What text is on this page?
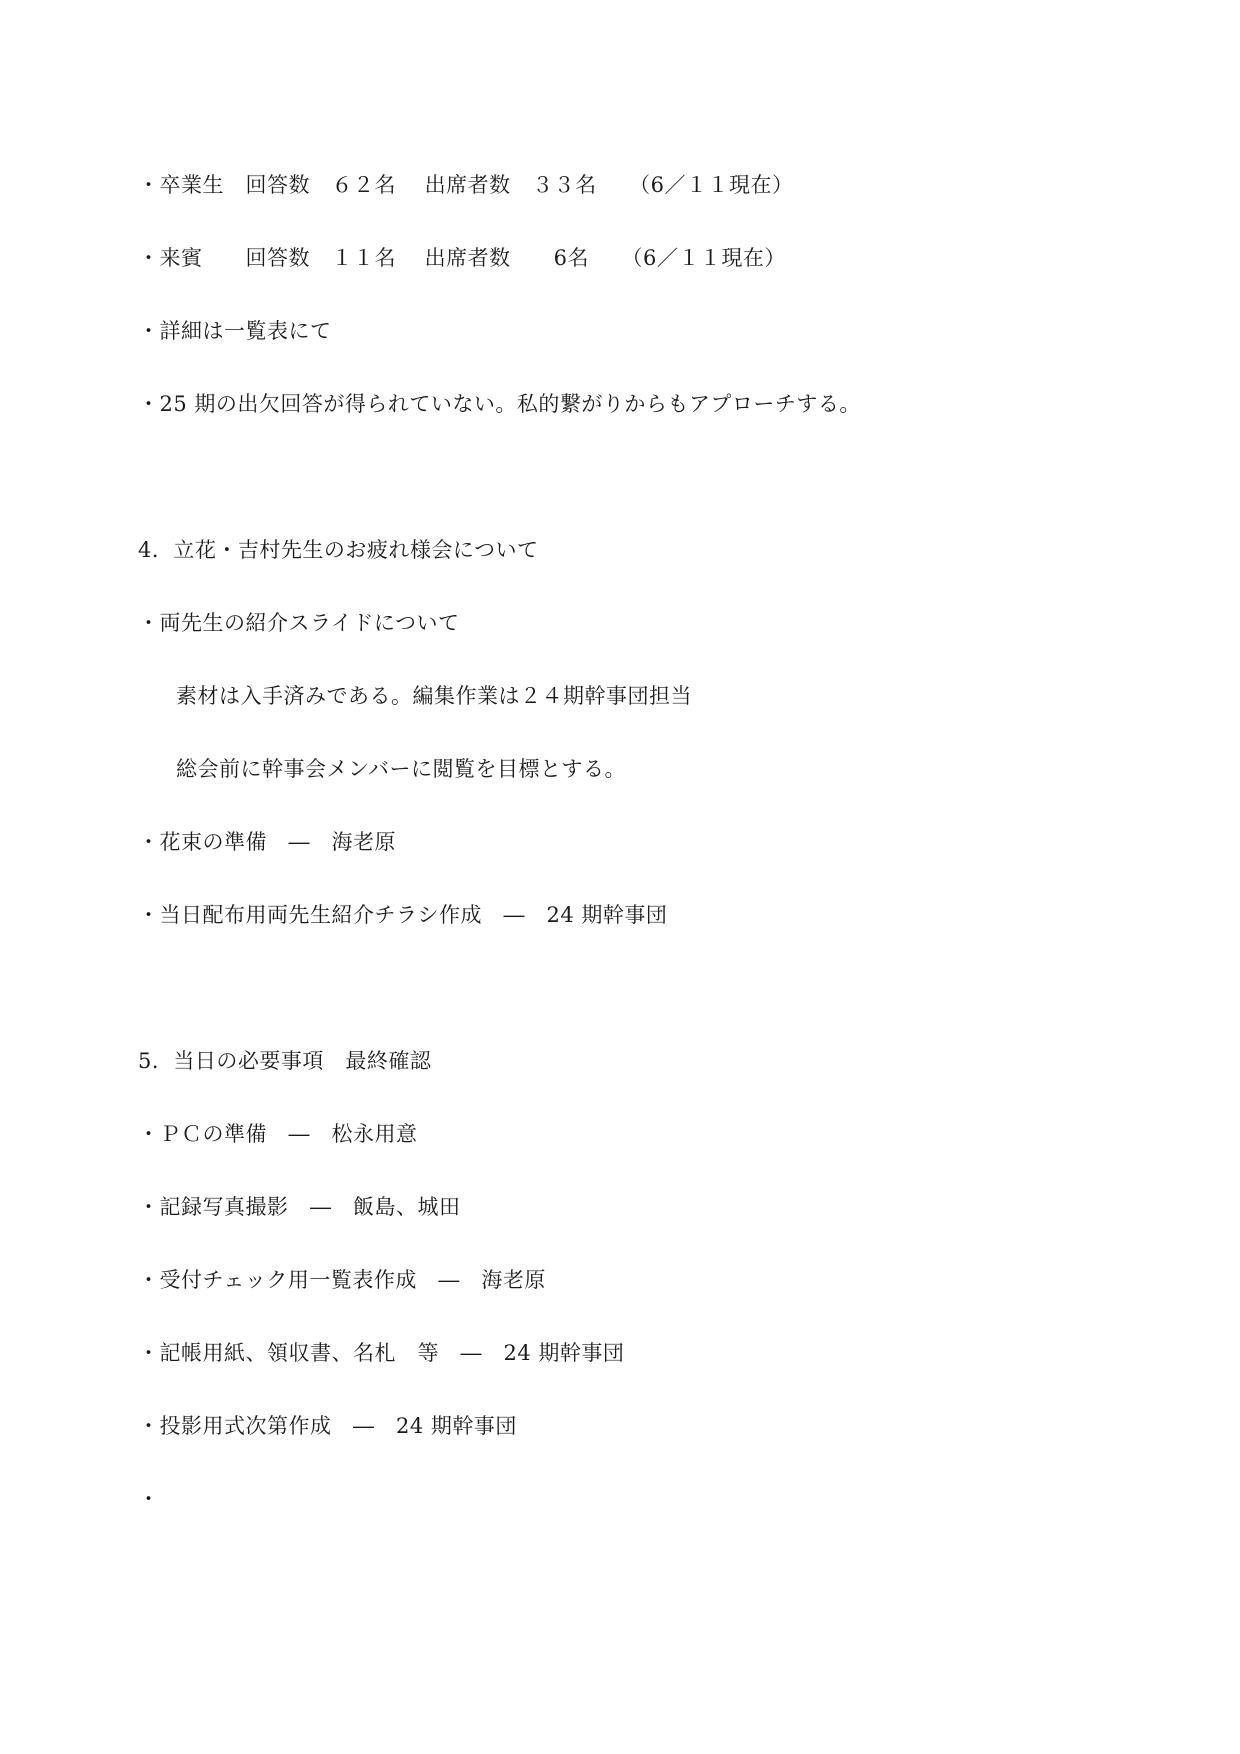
・卒業生　回答数　６２名　 出席者数　３３名　　（6／１１現在）
・来賓　　回答数　１１名　 出席者数　　6名　　（6／１１現在）
・詳細は一覧表にて
・25 期の出欠回答が得られていない。私的繋がりからもアプローチする。
4．立花・吉村先生のお疲れ様会について
・両先生の紹介スライドについて
素材は入手済みである。編集作業は２４期幹事団担当
総会前に幹事会メンバーに閲覧を目標とする。
・花束の準備　―　海老原
・当日配布用両先生紹介チラシ作成　―　24 期幹事団
5．当日の必要事項　最終確認
・ＰＣの準備　―　松永用意
・記録写真撮影　―　飯島、城田
・受付チェック用一覧表作成　―　海老原
・記帳用紙、領収書、名札　等　―　24 期幹事団
・投影用式次第作成　―　24 期幹事団
・
